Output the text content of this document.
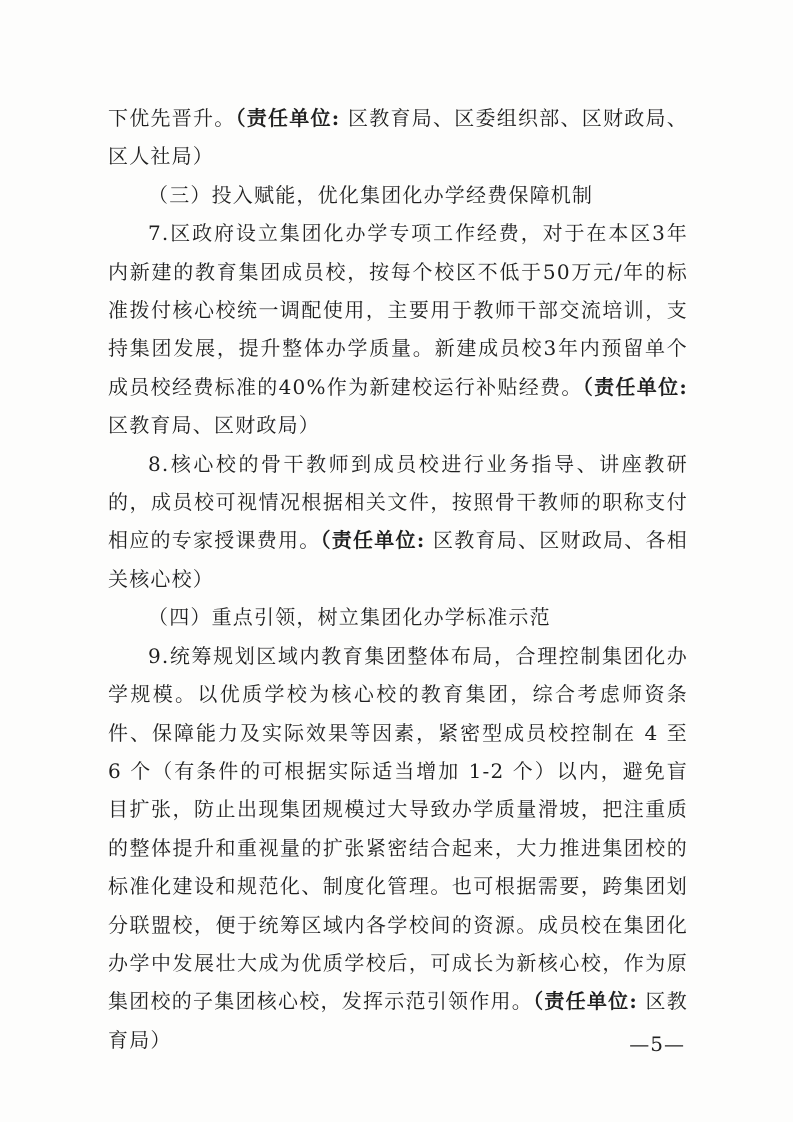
下优先晋升。（责任单位: 区教育局、区委组织部、区财政局、区人社局）

（三）投入赋能，优化集团化办学经费保障机制

7.区政府设立集团化办学专项工作经费，对于在本区3年内新建的教育集团成员校，按每个校区不低于50万元/年的标准拨付核心校统一调配使用，主要用于教师干部交流培训，支持集团发展，提升整体办学质量。新建成员校3年内预留单个成员校经费标准的40%作为新建校运行补贴经费。（责任单位: 区教育局、区财政局）

8.核心校的骨干教师到成员校进行业务指导、讲座教研的，成员校可视情况根据相关文件，按照骨干教师的职称支付相应的专家授课费用。（责任单位: 区教育局、区财政局、各相关核心校）

（四）重点引领，树立集团化办学标准示范

9.统筹规划区域内教育集团整体布局，合理控制集团化办学规模。以优质学校为核心校的教育集团，综合考虑师资条件、保障能力及实际效果等因素，紧密型成员校控制在 4 至 6 个（有条件的可根据实际适当增加 1-2 个）以内，避免盲目扩张，防止出现集团规模过大导致办学质量滑坡，把注重质的整体提升和重视量的扩张紧密结合起来，大力推进集团校的标准化建设和规范化、制度化管理。也可根据需要，跨集团划分联盟校，便于统筹区域内各学校间的资源。成员校在集团化办学中发展壮大成为优质学校后，可成长为新核心校，作为原集团校的子集团核心校，发挥示范引领作用。（责任单位: 区教育局）	—5—
